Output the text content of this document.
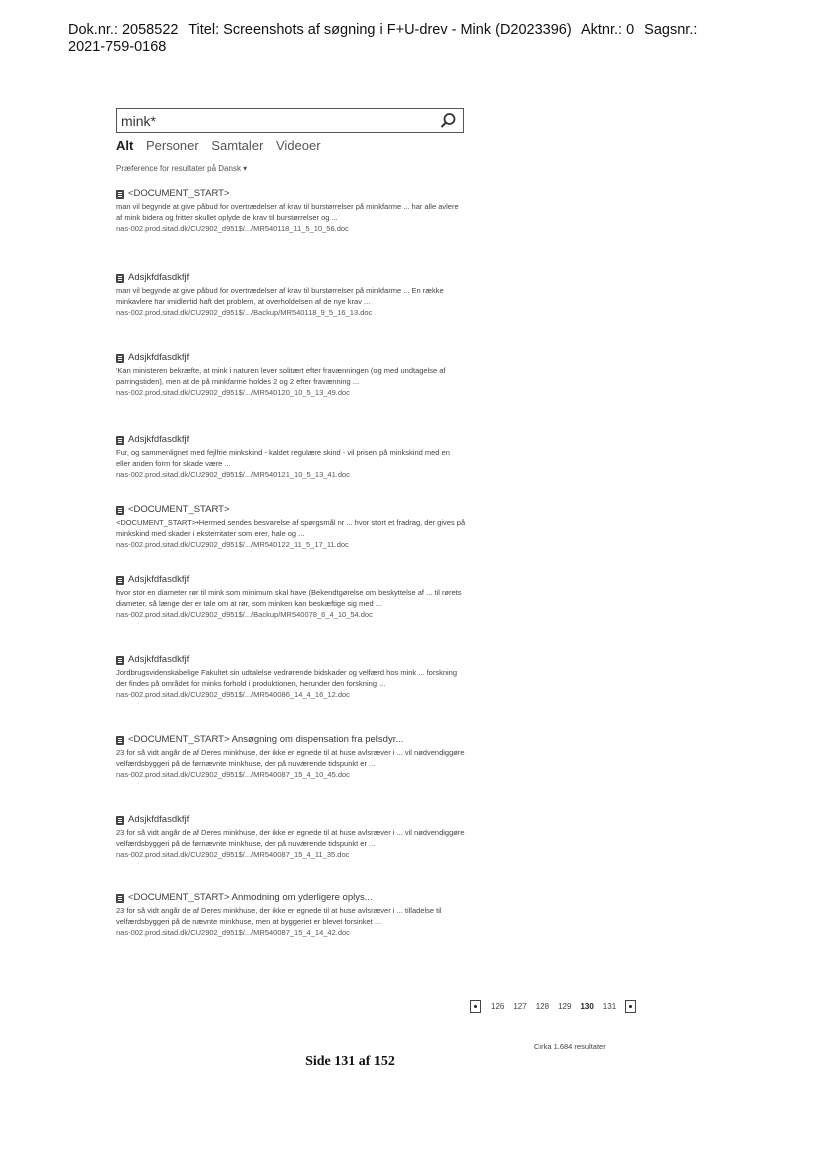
Dok.nr.: 2058522 Titel: Screenshots af søgning i F+U-drev - Mink (D2023396) Aktnr.: 0 Sagsnr.:
2021-759-0168
mink*
Alt Personer Samtaler Videoer
Præference for resultater på Dansk ▾
<DOCUMENT_START>
man vil begynde at give påbud for overtrædelser af krav til burstørrelser på minkfarme ... har alle avlere af mink bidera og fritter skullet oplyde de krav til burstørrelser og ...
nas-002.prod.sitad.dk/CU2902_d951$/.../MR540118_11_5_10_56.doc
Adsjkfdfasdkfjf
man vil begynde at give påbud for overtrædelser af krav til burstørrelser på minkfarme ... En række minkavlere har imidlertid haft det problem, at overholdelsen af de nye krav ...
nas-002.prod.sitad.dk/CU2902_d951$/.../Backup/MR540118_9_5_16_13.doc
Adsjkfdfasdkfjf
'Kan ministeren bekræfte, at mink i naturen lever solitært efter fravænningen (og med undtagelse af parringstiden), men at de på minkfarme holdes 2 og 2 efter fravænning ...
nas-002.prod.sitad.dk/CU2902_d951$/.../MR540120_10_5_13_49.doc
Adsjkfdfasdkfjf
Fur, og sammenlignet med fejlfrie minkskind - kaldet regulære skind - vil prisen på minkskind med en eller anden form for skade være ...
nas-002.prod.sitad.dk/CU2902_d951$/.../MR540121_10_5_13_41.doc
<DOCUMENT_START>
<DOCUMENT_START>•Hermed sendes besvarelse af spørgsmål nr ... hvor stort et fradrag, der gives på minkskind med skader i eksterritater som erer, hale og ...
nas-002.prod.sitad.dk/CU2902_d951$/.../MR540122_11_5_17_11.doc
Adsjkfdfasdkfjf
hvor stor en diameter rør til mink som minimum skal have (Bekendtgørelse om beskyttelse af ... til rørets diameter, så længe der er tale om at rør, som minken kan beskæftige sig med ...
nas-002.prod.sitad.dk/CU2902_d951$/.../Backup/MR540078_6_4_10_54.doc
Adsjkfdfasdkfjf
Jordbrugsvidenskabelige Fakultet sin udtalelse vedrørende bidskader og velfærd hos mink ... forskning der findes på området for minks forhold i produktionen, herunder den forskning ...
nas-002.prod.sitad.dk/CU2902_d951$/.../MR540086_14_4_16_12.doc
<DOCUMENT_START> Ansøgning om dispensation fra pelsdyr...
23 for så vidt angår de af Deres minkhuse, der ikke er egnede til at huse avlsræver i ... vil nødvendiggøre velfærdsbyggeri på de førnævnte minkhuse, der på nuværende tidspunkt er ...
nas-002.prod.sitad.dk/CU2902_d951$/.../MR540087_15_4_10_45.doc
Adsjkfdfasdkfjf
23 for så vidt angår de af Deres minkhuse, der ikke er egnede til at huse avlsræver i ... vil nødvendiggøre velfærdsbyggeri på de førnævnte minkhuse, der på nuværende tidspunkt er ...
nas-002.prod.sitad.dk/CU2902_d951$/.../MR540087_15_4_11_35.doc
<DOCUMENT_START> Anmodning om yderligere oplys...
23 for så vidt angår de af Deres minkhuse, der ikke er egnede til at huse avlsræver i ... tilladelse til velfærdsbyggeri på de nævnte minkhuse, men at byggeriet er blevet forsinket ...
nas-002.prod.sitad.dk/CU2902_d951$/.../MR540087_15_4_14_42.doc
126 127 128 129 130 131
Cirka 1.684 resultater
Side 131 af 152
